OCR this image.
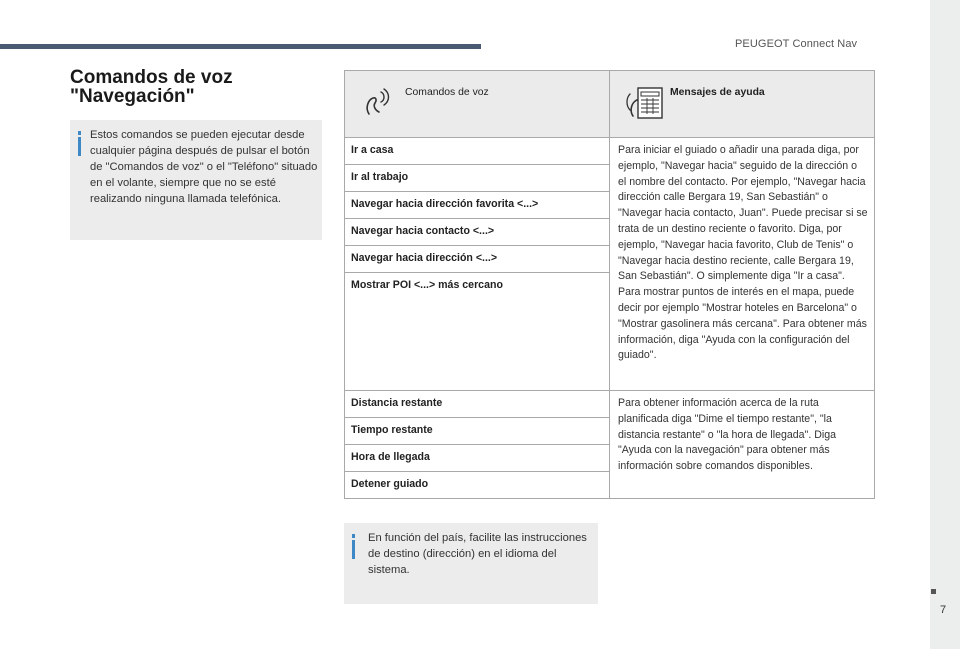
PEUGEOT Connect Nav
7
Comandos de voz
"Navegación"
Estos comandos se pueden ejecutar desde cualquier página después de pulsar el botón de "Comandos de voz" o el "Teléfono" situado en el volante, siempre que no se esté realizando ninguna llamada telefónica.
Comandos de voz	Mensajes de ayuda

Ir a casa	Para iniciar el guiado o añadir una parada diga, por ejemplo, "Navegar hacia" seguido de la dirección o el nombre del contacto. Por ejemplo, "Navegar hacia dirección calle Bergara 19, San Sebastián" o "Navegar hacia contacto, Juan". Puede precisar si se trata de un destino reciente o favorito. Diga, por ejemplo, "Navegar hacia favorito, Club de Tenis" o "Navegar hacia destino reciente, calle Bergara 19, San Sebastián". O simplemente diga "Ir a casa". Para mostrar puntos de interés en el mapa, puede decir por ejemplo "Mostrar hoteles en Barcelona" o "Mostrar gasolinera más cercana". Para obtener más información, diga "Ayuda con la configuración del guiado".
Ir al trabajo	
Navegar hacia dirección favorita <...>	
Navegar hacia contacto <...>	
Navegar hacia dirección <...>	
Mostrar POI <...> más cercano	
Distancia restante	Para obtener información acerca de la ruta planificada diga "Dime el tiempo restante", "la distancia restante" o "la hora de llegada". Diga "Ayuda con la navegación" para obtener más información sobre comandos disponibles.
Tiempo restante	
Hora de llegada	
Detener guiado	
En función del país, facilite las instrucciones de destino (dirección) en el idioma del sistema.
